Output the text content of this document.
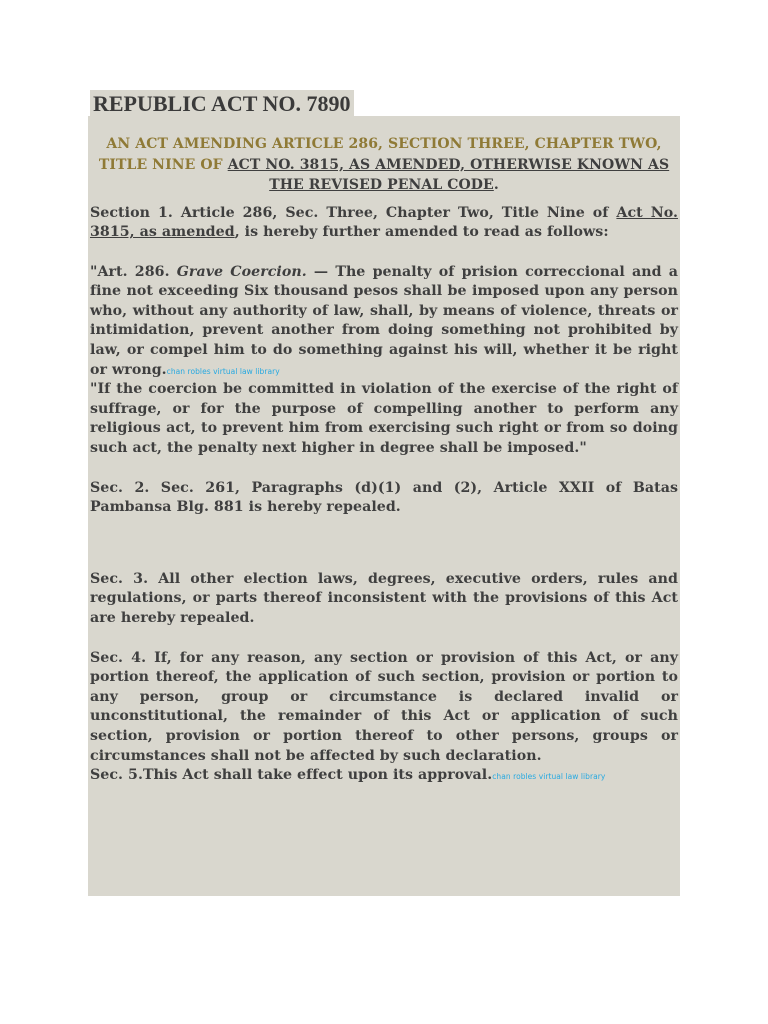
REPUBLIC ACT NO. 7890
AN ACT AMENDING ARTICLE 286, SECTION THREE, CHAPTER TWO, TITLE NINE OF ACT NO. 3815, AS AMENDED, OTHERWISE KNOWN AS THE REVISED PENAL CODE.

Section 1. Article 286, Sec. Three, Chapter Two, Title Nine of Act No. 3815, as amended, is hereby further amended to read as follows:

"Art. 286. Grave Coercion. — The penalty of prision correccional and a fine not exceeding Six thousand pesos shall be imposed upon any person who, without any authority of law, shall, by means of violence, threats or intimidation, prevent another from doing something not prohibited by law, or compel him to do something against his will, whether it be right or wrong.chan robles virtual law library

"If the coercion be committed in violation of the exercise of the right of suffrage, or for the purpose of compelling another to perform any religious act, to prevent him from exercising such right or from so doing such act, the penalty next higher in degree shall be imposed."

Sec. 2. Sec. 261, Paragraphs (d)(1) and (2), Article XXII of Batas Pambansa Blg. 881 is hereby repealed.

Sec. 3. All other election laws, degrees, executive orders, rules and regulations, or parts thereof inconsistent with the provisions of this Act are hereby repealed.

Sec. 4. If, for any reason, any section or provision of this Act, or any portion thereof, the application of such section, provision or portion to any person, group or circumstance is declared invalid or unconstitutional, the remainder of this Act or application of such section, provision or portion thereof to other persons, groups or circumstances shall not be affected by such declaration.

Sec. 5.This Act shall take effect upon its approval.chan robles virtual law library
